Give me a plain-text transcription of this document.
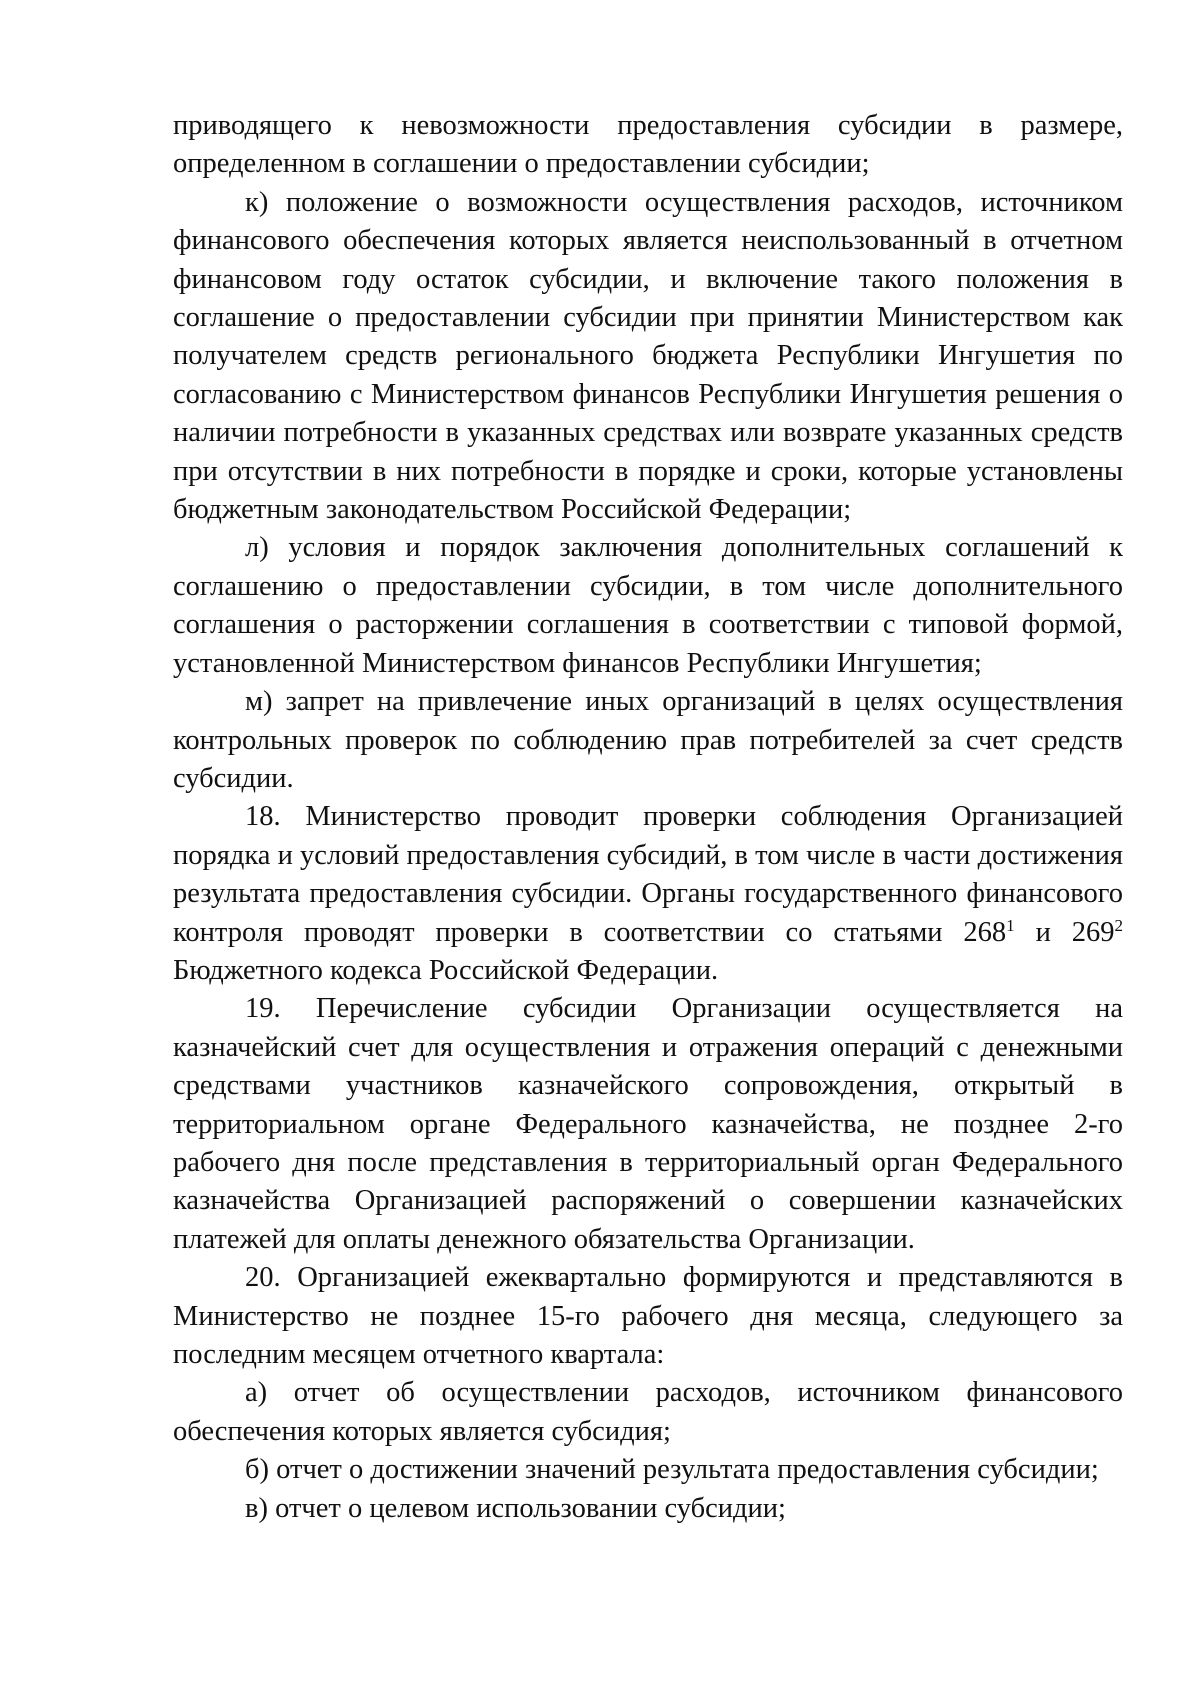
приводящего к невозможности предоставления субсидии в размере, определенном в соглашении о предоставлении субсидии;

к) положение о возможности осуществления расходов, источником финансового обеспечения которых является неиспользованный в отчетном финансовом году остаток субсидии, и включение такого положения в соглашение о предоставлении субсидии при принятии Министерством как получателем средств регионального бюджета Республики Ингушетия по согласованию с Министерством финансов Республики Ингушетия решения о наличии потребности в указанных средствах или возврате указанных средств при отсутствии в них потребности в порядке и сроки, которые установлены бюджетным законодательством Российской Федерации;

л) условия и порядок заключения дополнительных соглашений к соглашению о предоставлении субсидии, в том числе дополнительного соглашения о расторжении соглашения в соответствии с типовой формой, установленной Министерством финансов Республики Ингушетия;

м) запрет на привлечение иных организаций в целях осуществления контрольных проверок по соблюдению прав потребителей за счет средств субсидии.

18. Министерство проводит проверки соблюдения Организацией порядка и условий предоставления субсидий, в том числе в части достижения результата предоставления субсидии. Органы государственного финансового контроля проводят проверки в соответствии со статьями $268^1$ и $269^2$ Бюджетного кодекса Российской Федерации.

19. Перечисление субсидии Организации осуществляется на казначейский счет для осуществления и отражения операций с денежными средствами участников казначейского сопровождения, открытый в территориальном органе Федерального казначейства, не позднее 2-го рабочего дня после представления в территориальный орган Федерального казначейства Организацией распоряжений о совершении казначейских платежей для оплаты денежного обязательства Организации.

20. Организацией ежеквартально формируются и представляются в Министерство не позднее 15-го рабочего дня месяца, следующего за последним месяцем отчетного квартала:

а) отчет об осуществлении расходов, источником финансового обеспечения которых является субсидия;

б) отчет о достижении значений результата предоставления субсидии;

в) отчет о целевом использовании субсидии;
